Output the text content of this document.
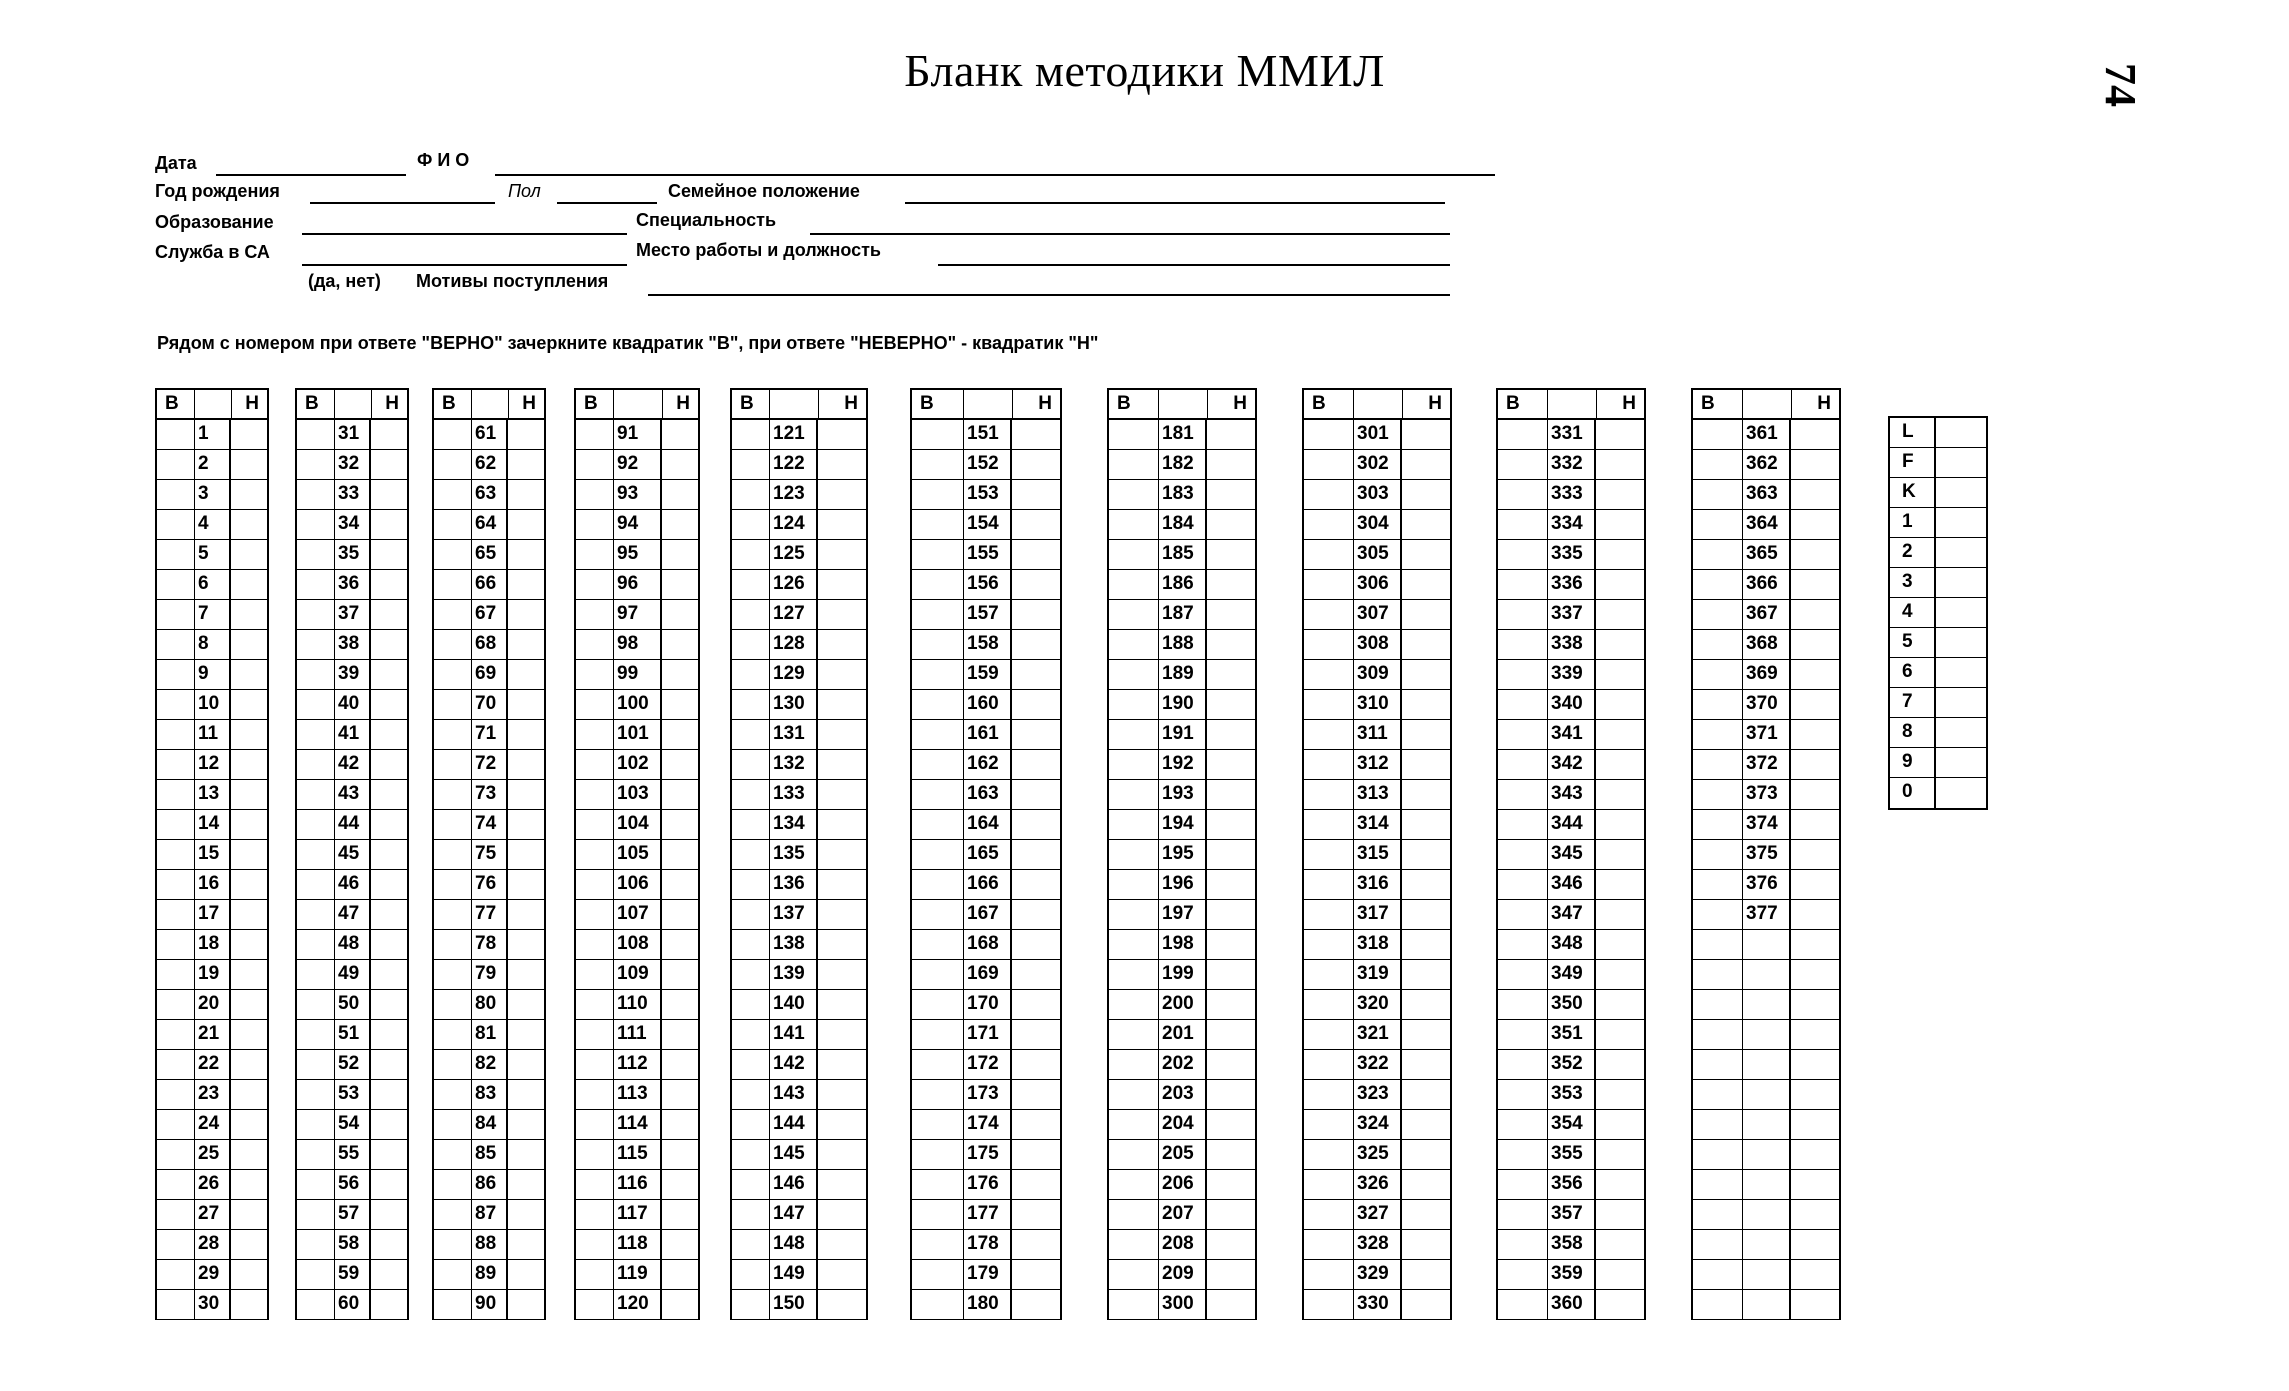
Бланк методики ММИЛ	74
Дата	Ф И О
Год рождения	Пол	Семейное положение
Образование	Специальность
Служба в СА	Место работы и должность
(да, нет) Мотивы поступления
Рядом с номером при ответе "ВЕРНО" зачеркните квадратик "В", при ответе "НЕВЕРНО" - квадратик "Н"
В	Н
1
2
3
4
5
6
7
8
9
10
11
12
13
14
15
16
17
18
19
20
21
22
23
24
25
26
27
28
29
30
В	Н
31
32
33
34
35
36
37
38
39
40
41
42
43
44
45
46
47
48
49
50
51
52
53
54
55
56
57
58
59
60
В	Н
61
62
63
64
65
66
67
68
69
70
71
72
73
74
75
76
77
78
79
80
81
82
83
84
85
86
87
88
89
90
В	Н
91
92
93
94
95
96
97
98
99
100
101
102
103
104
105
106
107
108
109
110
111
112
113
114
115
116
117
118
119
120
В	Н
121
122
123
124
125
126
127
128
129
130
131
132
133
134
135
136
137
138
139
140
141
142
143
144
145
146
147
148
149
150
В	Н
151
152
153
154
155
156
157
158
159
160
161
162
163
164
165
166
167
168
169
170
171
172
173
174
175
176
177
178
179
180
В	Н
181
182
183
184
185
186
187
188
189
190
191
192
193
194
195
196
197
198
199
200
201
202
203
204
205
206
207
208
209
300
В	Н
301
302
303
304
305
306
307
308
309
310
311
312
313
314
315
316
317
318
319
320
321
322
323
324
325
326
327
328
329
330
В	Н
331
332
333
334
335
336
337
338
339
340
341
342
343
344
345
346
347
348
349
350
351
352
353
354
355
356
357
358
359
360
В	Н
361
362
363
364
365
366
367
368
369
370
371
372
373
374
375
376
377
L
F
K
1
2
3
4
5
6
7
8
9
0
